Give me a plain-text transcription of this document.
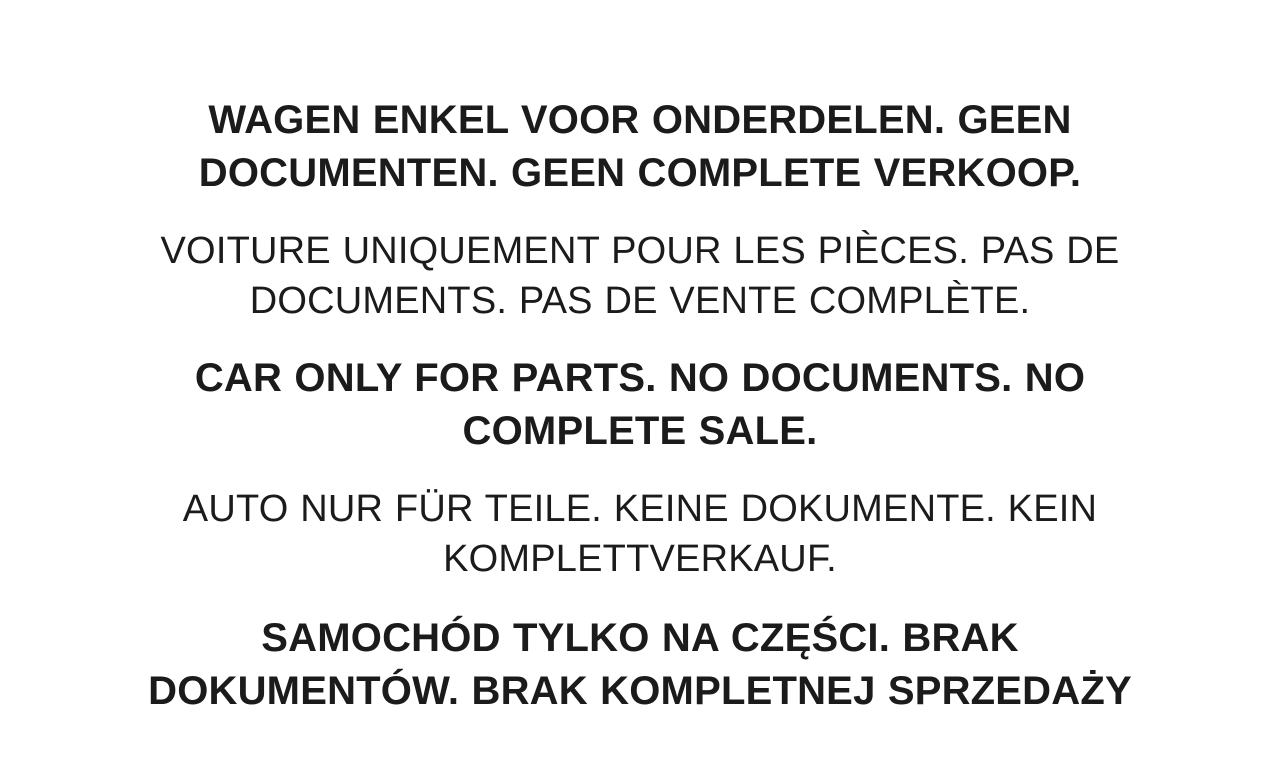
WAGEN ENKEL VOOR ONDERDELEN. GEEN DOCUMENTEN. GEEN COMPLETE VERKOOP.
VOITURE UNIQUEMENT POUR LES PIÈCES. PAS DE DOCUMENTS. PAS DE VENTE COMPLÈTE.
CAR ONLY FOR PARTS. NO DOCUMENTS. NO COMPLETE SALE.
AUTO NUR FÜR TEILE. KEINE DOKUMENTE. KEIN KOMPLETTVERKAUF.
SAMOCHÓD TYLKO NA CZĘŚCI. BRAK DOKUMENTÓW. BRAK KOMPLETNEJ SPRZEDAŻY
